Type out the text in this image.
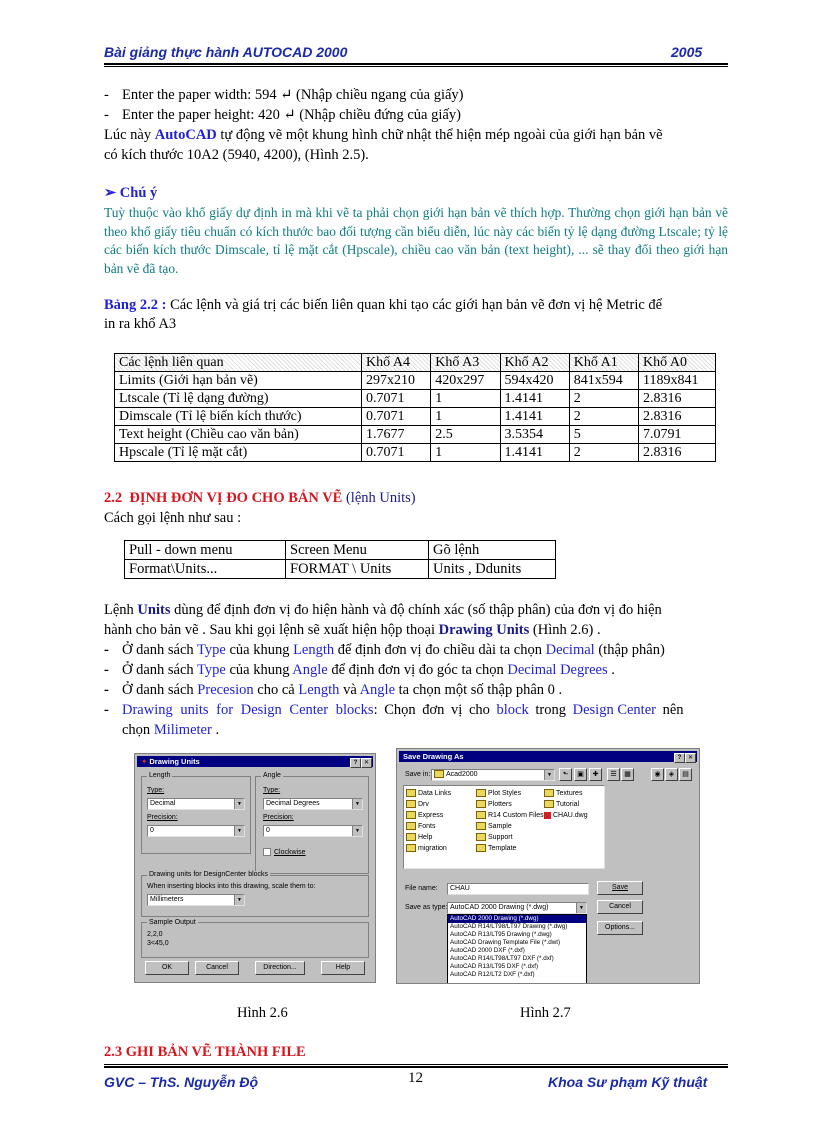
Bài giảng thực hành AUTOCAD 2000	2005
- Enter the paper width: 594 ↵ (Nhập chiều ngang của giấy)
- Enter the paper height: 420 ↵ (Nhập chiều đứng của giấy)
Lúc này AutoCAD tự động vẽ một khung hình chữ nhật thể hiện mép ngoài của giới hạn bản vẽ
có kích thước 10A2 (5940, 4200), (Hình 2.5).
➢ Chú ý
Tuỳ thuộc vào khổ giấy dự định in mà khi vẽ ta phải chọn giới hạn bản vẽ thích hợp. Thường chọn giới hạn bản vẽ theo khổ giấy tiêu chuẩn có kích thước bao đối tượng cần biểu diễn, lúc này các biến tỷ lệ dạng đường Ltscale; tỷ lệ các biến kích thước Dimscale, tỉ lệ mặt cắt (Hpscale), chiều cao văn bản (text height), ... sẽ thay đổi theo giới hạn bản vẽ đã tạo.
Bảng 2.2 : Các lệnh và giá trị các biến liên quan khi tạo các giới hạn bản vẽ đơn vị hệ Metric để
in ra khổ A3
Các lệnh liên quan	Khổ A4	Khổ A3	Khổ A2	Khổ A1	Khổ A0
Limits (Giới hạn bản vẽ)	297x210	420x297	594x420	841x594	1189x841
Ltscale (Tỉ lệ dạng đường)	0.7071	1	1.4141	2	2.8316
Dimscale (Tỉ lệ biến kích thước)	0.7071	1	1.4141	2	2.8316
Text height (Chiều cao văn bản)	1.7677	2.5	3.5354	5	7.0791
Hpscale (Tỉ lệ mặt cắt)	0.7071	1	1.4141	2	2.8316
2.2 ĐỊNH ĐƠN VỊ ĐO CHO BẢN VẼ (lệnh Units)
Cách gọi lệnh như sau :
Pull - down menu	Screen Menu	Gõ lệnh
Format\Units...	FORMAT \ Units	Units , Ddunits
Lệnh Units dùng để định đơn vị đo hiện hành và độ chính xác (số thập phân) của đơn vị đo hiện
hành cho bản vẽ . Sau khi gọi lệnh sẽ xuất hiện hộp thoại Drawing Units (Hình 2.6) .
- Ở danh sách Type của khung Length để định đơn vị đo chiều dài ta chọn Decimal (thập phân)
- Ở danh sách Type của khung Angle để định đơn vị đo góc ta chọn Decimal Degrees .
- Ở danh sách Precesion cho cả Length và Angle ta chọn một số thập phân 0 .
- Drawing units for Design Center blocks: Chọn đơn vị cho block trong Design Center nên
chọn Milimeter .
✦ Drawing Units	?	✕
Length
Type:
Decimal	▼
Precision:
0	▼
Angle
Type:
Decimal Degrees	▼
Precision:
0	▼
Clockwise
Drawing units for DesignCenter blocks
When inserting blocks into this drawing, scale them to:
Millimeters	▼
Sample Output
2,2,0
3<45,0
OK	Cancel	Direction...	Help
Save Drawing As	?	✕
Save in:	Acad2000	▼	⬑	▣	✚	☰	▦	◉	◈	▤
Data Links
Drv
Express
Fonts
Help
migration
Plot Styles
Plotters
R14 Custom Files
Sample
Support
Template
Textures
Tutorial
CHAU.dwg
File name:	CHAU
Save as type: AutoCAD 2000 Drawing (*.dwg)	▼
AutoCAD 2000 Drawing (*.dwg)
AutoCAD R14/LT98/LT97 Drawing (*.dwg)
AutoCAD R13/LT95 Drawing (*.dwg)
AutoCAD Drawing Template File (*.dwt)
AutoCAD 2000 DXF (*.dxf)
AutoCAD R14/LT98/LT97 DXF (*.dxf)
AutoCAD R13/LT95 DXF (*.dxf)
AutoCAD R12/LT2 DXF (*.dxf)
Save
Cancel
Options...
Hình 2.6	Hình 2.7
2.3 GHI BẢN VẼ THÀNH FILE
GVC – ThS. Nguyễn Độ	12	Khoa Sư phạm Kỹ thuật
